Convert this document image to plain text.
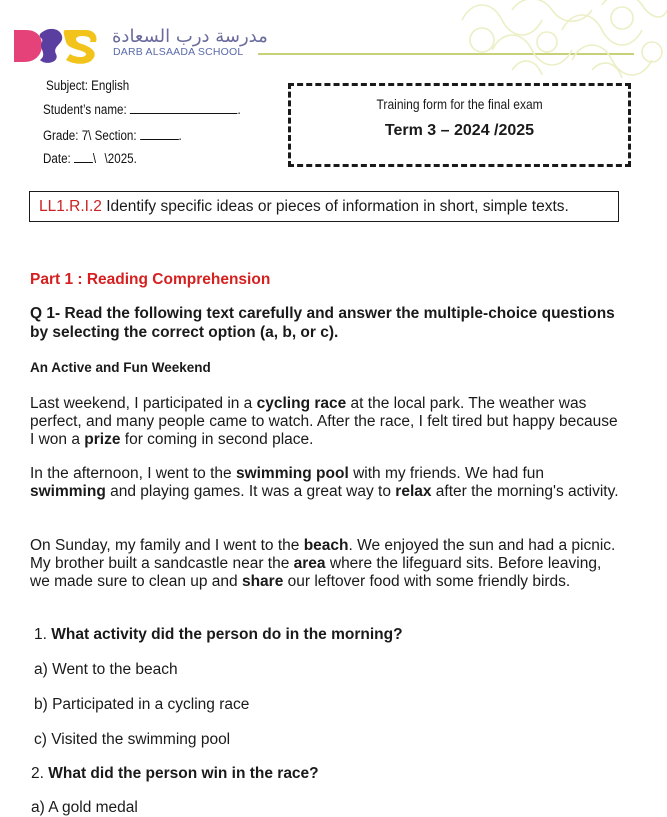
مدرسة درب السعادة
DARB ALSAADA SCHOOL
Subject: English
Student’s name:	.
Grade: 7\ Section:	.
Date: \ \2025.
Training form for the final exam
Term 3 – 2024 /2025
LL1.R.I.2 Identify specific ideas or pieces of information in short, simple texts.
Part 1 : Reading Comprehension
Q 1- Read the following text carefully and answer the multiple-choice questions by selecting the correct option (a, b, or c).
An Active and Fun Weekend
Last weekend, I participated in a cycling race at the local park. The weather was perfect, and many people came to watch. After the race, I felt tired but happy because I won a prize for coming in second place.
In the afternoon, I went to the swimming pool with my friends. We had fun swimming and playing games. It was a great way to relax after the morning's activity.
On Sunday, my family and I went to the beach. We enjoyed the sun and had a picnic. My brother built a sandcastle near the area where the lifeguard sits. Before leaving, we made sure to clean up and share our leftover food with some friendly birds.
1. What activity did the person do in the morning?
a) Went to the beach
b) Participated in a cycling race
c) Visited the swimming pool
2. What did the person win in the race?
a) A gold medal
